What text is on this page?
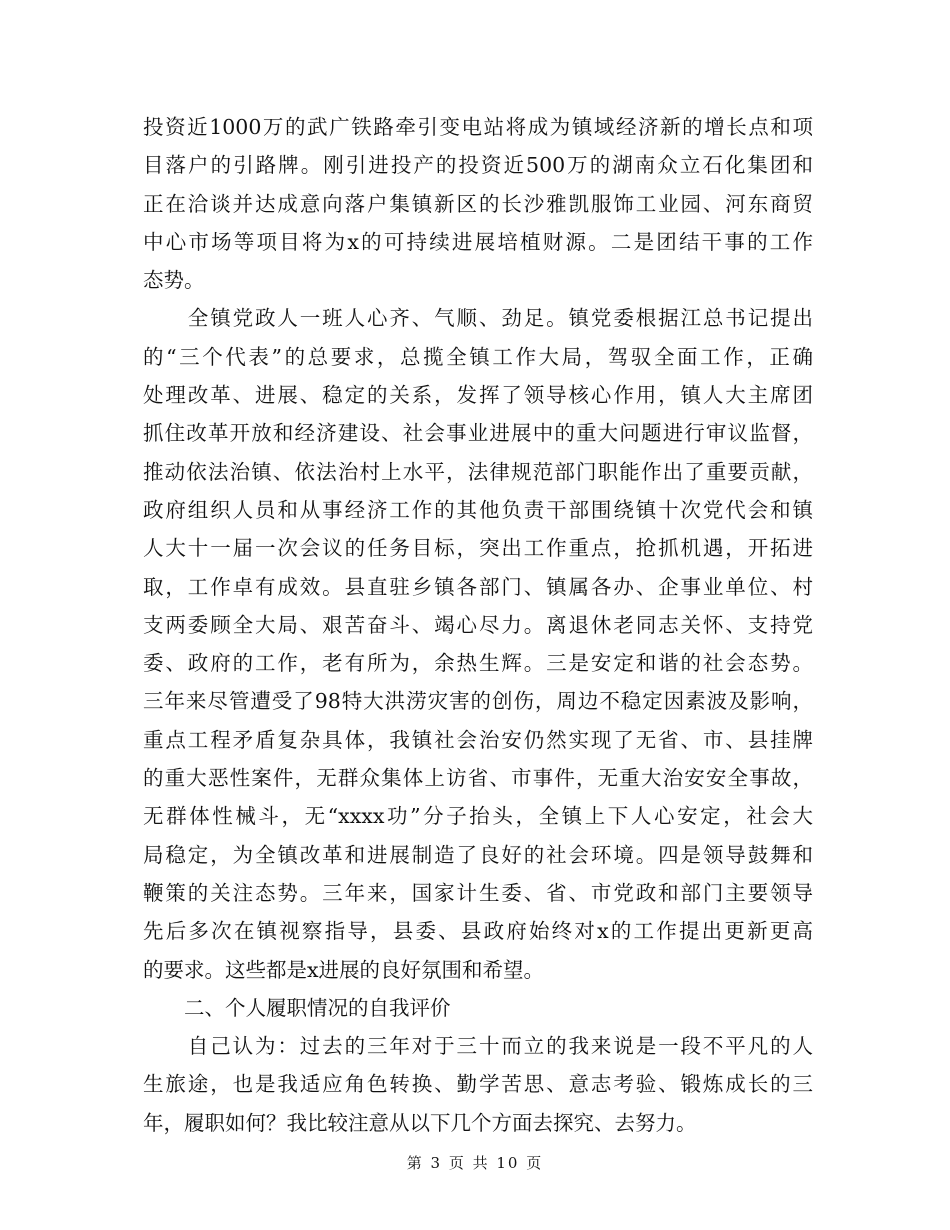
投资近1000万的武广铁路牵引变电站将成为镇域经济新的增长点和项
目落户的引路牌。刚引进投产的投资近500万的湖南众立石化集团和
正在洽谈并达成意向落户集镇新区的长沙雅凯服饰工业园、河东商贸
中心市场等项目将为x的可持续进展培植财源。二是团结干事的工作
态势。
　　全镇党政人一班人心齐、气顺、劲足。镇党委根据江总书记提出
的“三个代表”的总要求，总揽全镇工作大局，驾驭全面工作，正确
处理改革、进展、稳定的关系，发挥了领导核心作用，镇人大主席团
抓住改革开放和经济建设、社会事业进展中的重大问题进行审议监督，
推动依法治镇、依法治村上水平，法律规范部门职能作出了重要贡献，
政府组织人员和从事经济工作的其他负责干部围绕镇十次党代会和镇
人大十一届一次会议的任务目标，突出工作重点，抢抓机遇，开拓进
取，工作卓有成效。县直驻乡镇各部门、镇属各办、企事业单位、村
支两委顾全大局、艰苦奋斗、竭心尽力。离退休老同志关怀、支持党
委、政府的工作，老有所为，余热生辉。三是安定和谐的社会态势。
三年来尽管遭受了98特大洪涝灾害的创伤，周边不稳定因素波及影响，
重点工程矛盾复杂具体，我镇社会治安仍然实现了无省、市、县挂牌
的重大恶性案件，无群众集体上访省、市事件，无重大治安安全事故，
无群体性械斗，无“xxxx功”分子抬头，全镇上下人心安定，社会大
局稳定，为全镇改革和进展制造了良好的社会环境。四是领导鼓舞和
鞭策的关注态势。三年来，国家计生委、省、市党政和部门主要领导
先后多次在镇视察指导，县委、县政府始终对x的工作提出更新更高
的要求。这些都是x进展的良好氛围和希望。
　　二、个人履职情况的自我评价
　　自己认为：过去的三年对于三十而立的我来说是一段不平凡的人
生旅途，也是我适应角色转换、勤学苦思、意志考验、锻炼成长的三
年，履职如何？我比较注意从以下几个方面去探究、去努力。
第 3 页 共 10 页
